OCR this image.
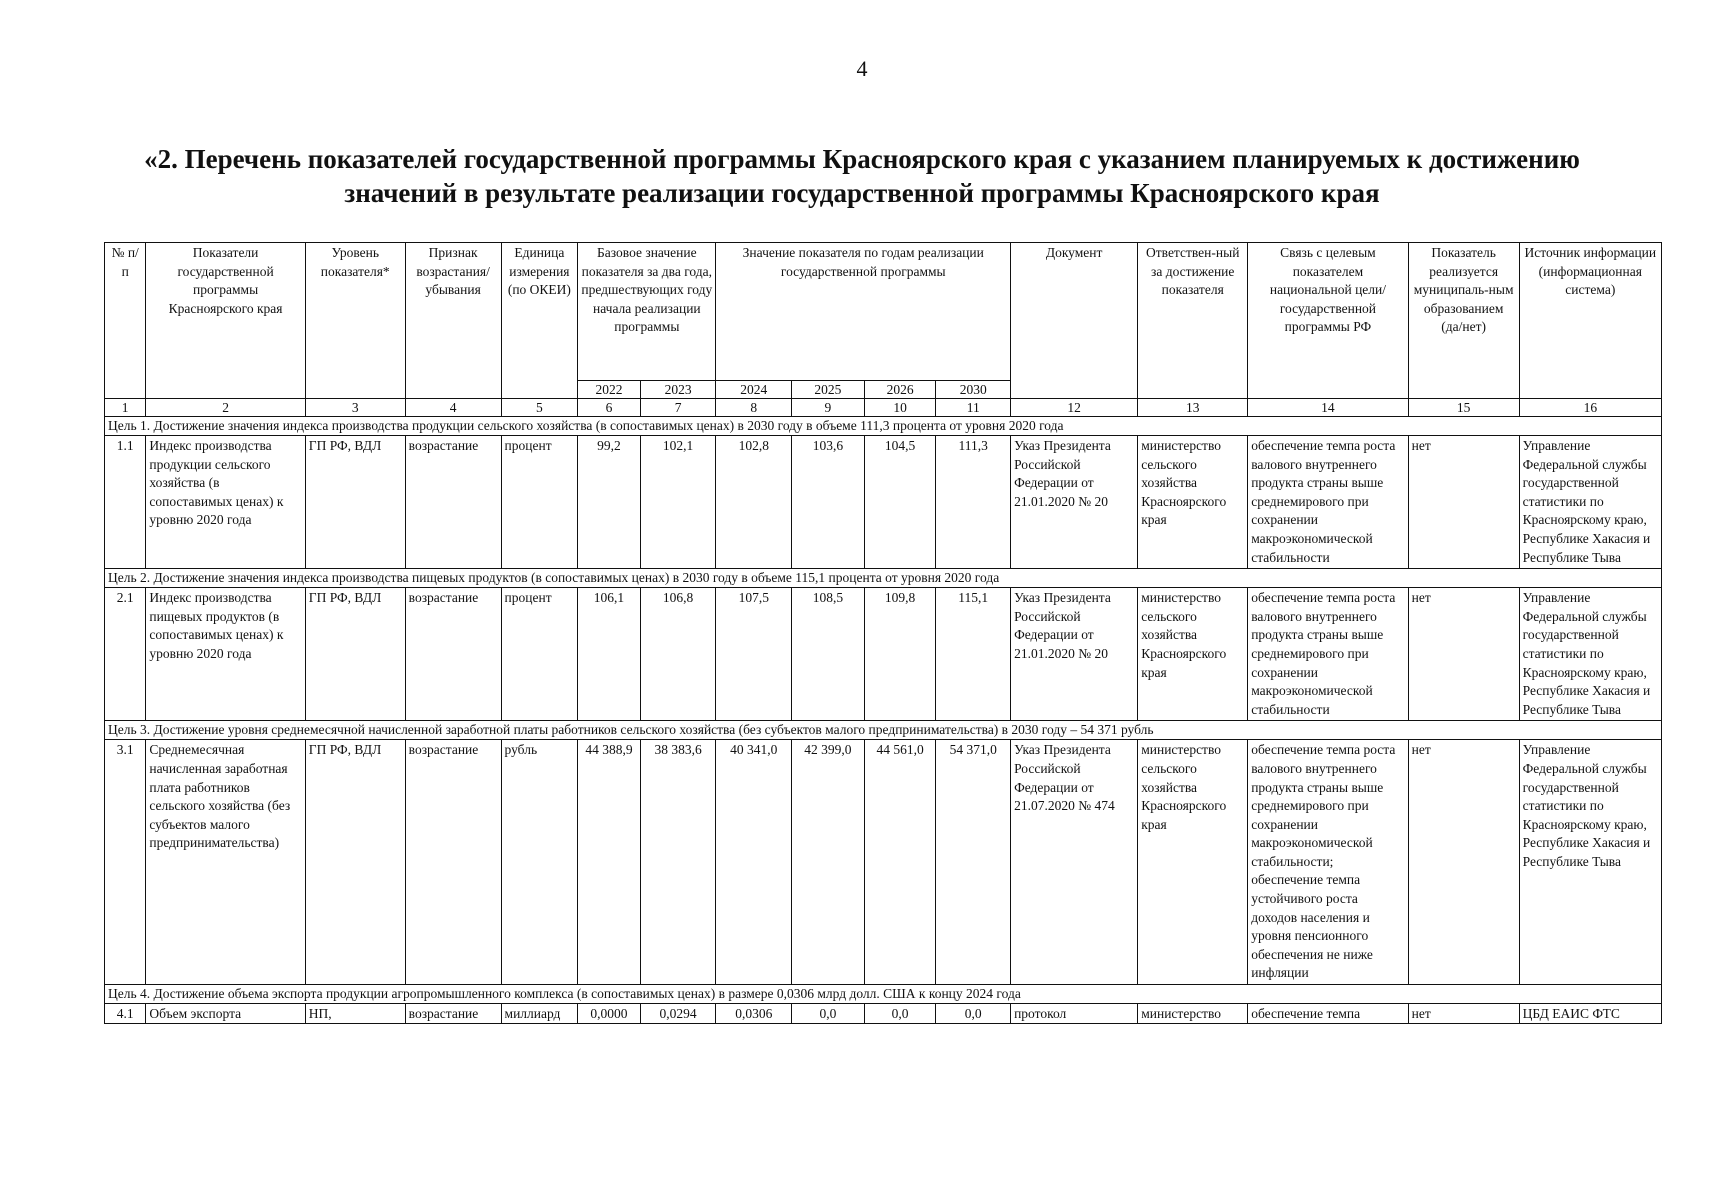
4
«2. Перечень показателей государственной программы Красноярского края с указанием планируемых к достижению
значений в результате реализации государственной программы Красноярского края
№ п/п	Показатели государственной программы Красноярского края	Уровень показателя*	Признак возрастания/ убывания	Единица измерения (по ОКЕИ)	Базовое значение показателя за два года, предшествующих году начала реализации программы		Значение показателя по годам реализации государственной программы				Документ	Ответствен-ный за достижение показателя	Связь с целевым показателем национальной цели/государственной программы РФ	Показатель реализуется муниципаль-ным образованием (да/нет)	Источник информации (информационная система)
					2022	2023	2024	2025	2026	2030					
1	2	3	4	5	6	7	8	9	10	11	12	13	14	15	16
Цель 1. Достижение значения индекса производства продукции сельского хозяйства (в сопоставимых ценах) в 2030 году в объеме 111,3 процента от уровня 2020 года															
1.1	Индекс производства продукции сельского хозяйства (в сопоставимых ценах) к уровню 2020 года	ГП РФ, ВДЛ	возрастание	процент	99,2	102,1	102,8	103,6	104,5	111,3	Указ Президента Российской Федерации от 21.01.2020 № 20	министерство сельского хозяйства Красноярского края	обеспечение темпа роста валового внутреннего продукта страны выше среднемирового при сохранении макроэкономической стабильности	нет	Управление Федеральной службы государственной статистики по Красноярскому краю, Республике Хакасия и Республике Тыва
Цель 2. Достижение значения индекса производства пищевых продуктов (в сопоставимых ценах) в 2030 году в объеме 115,1 процента от уровня 2020 года															
2.1	Индекс производства пищевых продуктов (в сопоставимых ценах) к уровню 2020 года	ГП РФ, ВДЛ	возрастание	процент	106,1	106,8	107,5	108,5	109,8	115,1	Указ Президента Российской Федерации от 21.01.2020 № 20	министерство сельского хозяйства Красноярского края	обеспечение темпа роста валового внутреннего продукта страны выше среднемирового при сохранении макроэкономической стабильности	нет	Управление Федеральной службы государственной статистики по Красноярскому краю, Республике Хакасия и Республике Тыва
Цель 3. Достижение уровня среднемесячной начисленной заработной платы работников сельского хозяйства (без субъектов малого предпринимательства) в 2030 году – 54 371 рубль															
3.1	Среднемесячная начисленная заработная плата работников сельского хозяйства (без субъектов малого предпринимательства)	ГП РФ, ВДЛ	возрастание	рубль	44 388,9	38 383,6	40 341,0	42 399,0	44 561,0	54 371,0	Указ Президента Российской Федерации от 21.07.2020 № 474	министерство сельского хозяйства Красноярского края	обеспечение темпа роста валового внутреннего продукта страны выше среднемирового при сохранении макроэкономической стабильности; обеспечение темпа устойчивого роста доходов населения и уровня пенсионного обеспечения не ниже инфляции	нет	Управление Федеральной службы государственной статистики по Красноярскому краю, Республике Хакасия и Республике Тыва
Цель 4. Достижение объема экспорта продукции агропромышленного комплекса (в сопоставимых ценах) в размере 0,0306 млрд долл. США к концу 2024 года															
4.1	Объем экспорта	НП,	возрастание	миллиард	0,0000	0,0294	0,0306	0,0	0,0	0,0	протокол	министерство	обеспечение темпа	нет	ЦБД ЕАИС ФТС
